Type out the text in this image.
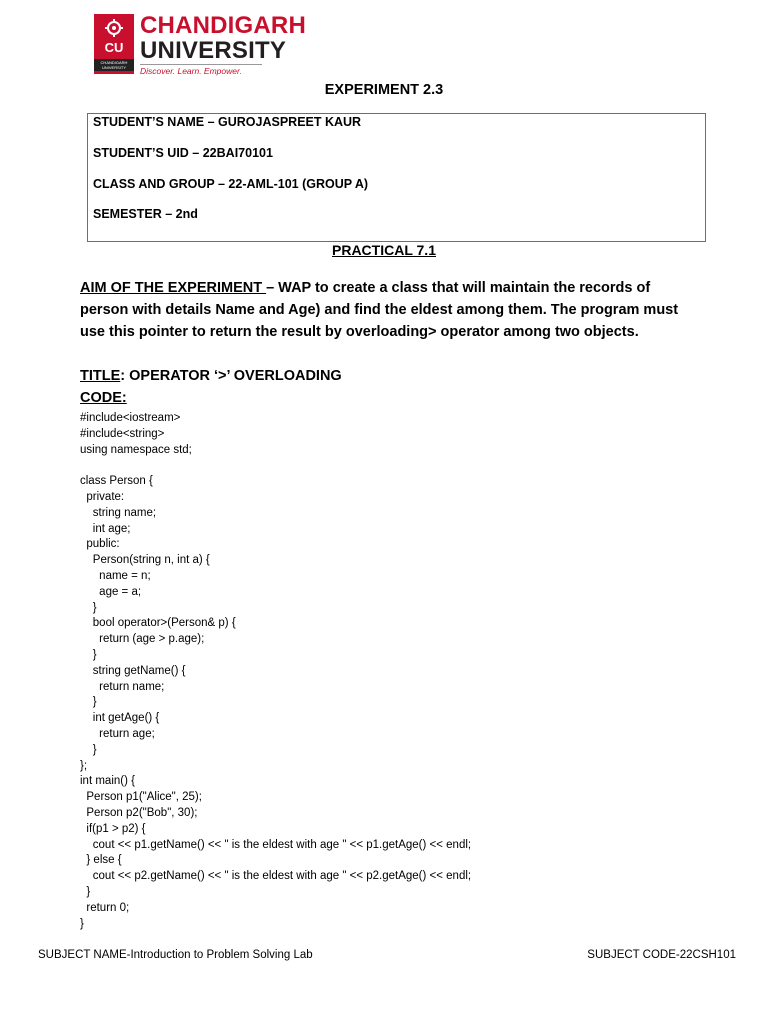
CU
CHANDIGARH UNIVERSITY
CHANDIGARH
UNIVERSITY
Discover. Learn. Empower.
EXPERIMENT 2.3
STUDENT’S NAME – GUROJASPREET KAUR
STUDENT’S UID – 22BAI70101
CLASS AND GROUP – 22-AML-101 (GROUP A)
SEMESTER – 2nd
PRACTICAL 7.1
AIM OF THE EXPERIMENT – WAP to create a class that will maintain the records of person with details Name and Age) and find the eldest among them. The program must use this pointer to return the result by overloading> operator among two objects.
TITLE: OPERATOR ‘>’ OVERLOADING
CODE:
#include<iostream>
#include<string>
using namespace std;
class Person {
private:
string name;
int age;
public:
Person(string n, int a) {
name = n;
age = a;
}
bool operator>(Person& p) {
return (age > p.age);
}
string getName() {
return name;
}
int getAge() {
return age;
}
};
int main() {
Person p1("Alice", 25);
Person p2("Bob", 30);
if(p1 > p2) {
cout << p1.getName() << " is the eldest with age " << p1.getAge() << endl;
} else {
cout << p2.getName() << " is the eldest with age " << p2.getAge() << endl;
}
return 0;
}
SUBJECT NAME-Introduction to Problem Solving Lab	SUBJECT CODE-22CSH101
